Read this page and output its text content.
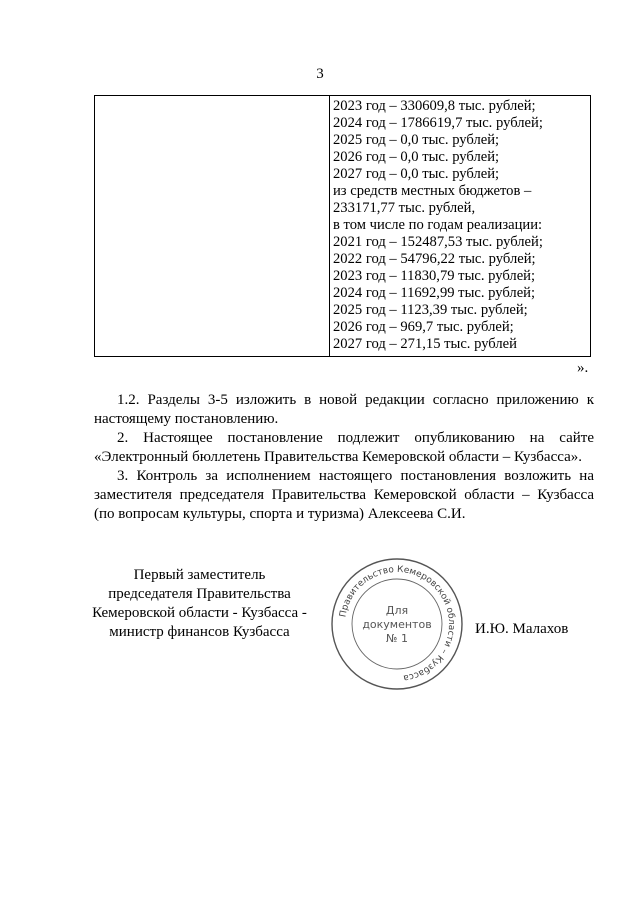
3
2023 год – 330609,8 тыс. рублей;
2024 год – 1786619,7 тыс. рублей;
2025 год – 0,0 тыс. рублей;
2026 год – 0,0 тыс. рублей;
2027 год – 0,0 тыс. рублей;
из средств местных бюджетов –
233171,77 тыс. рублей,
в том числе по годам реализации:
2021 год – 152487,53 тыс. рублей;
2022 год – 54796,22 тыс. рублей;
2023 год – 11830,79 тыс. рублей;
2024 год – 11692,99 тыс. рублей;
2025 год – 1123,39 тыс. рублей;
2026 год – 969,7 тыс. рублей;
2027 год – 271,15 тыс. рублей
».

1.2. Разделы 3-5 изложить в новой редакции согласно приложению к настоящему постановлению.

2. Настоящее постановление подлежит опубликованию на сайте «Электронный бюллетень Правительства Кемеровской области – Кузбасса».

3. Контроль за исполнением настоящего постановления возложить на заместителя председателя Правительства Кемеровской области – Кузбасса (по вопросам культуры, спорта и туризма) Алексеева С.И.

Первый заместитель
председателя Правительства
Кемеровской области - Кузбасса -
министр финансов Кузбасса
Правительство Кемеровской области – Кузбасса
Для
документов
№ 1
И.Ю. Малахов
